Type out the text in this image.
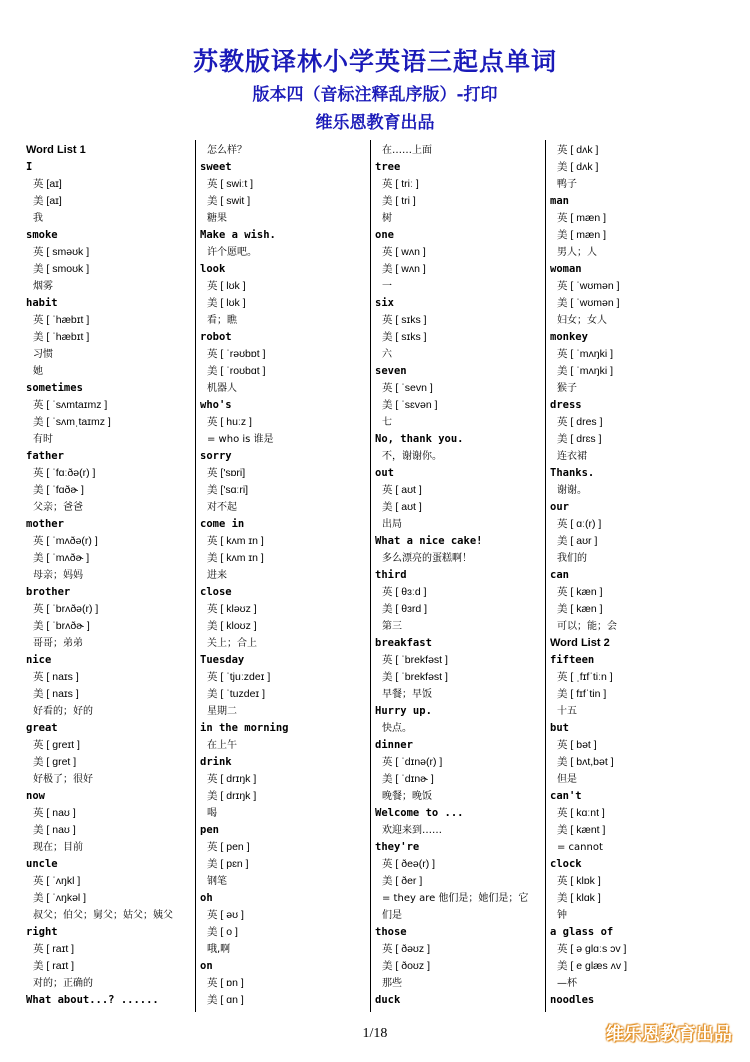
苏教版译林小学英语三起点单词
版本四（音标注释乱序版）-打印
维乐恩教育出品
Word List 1
I
英 [aɪ]
美 [aɪ]
我
smoke
英 [ sməʊk ]
美 [ smoʊk ]
烟雾
habit
英 [ ˈhæbɪt ]
美 [ ˈhæbɪt ]
习惯
她
sometimes
英 [ ˈsʌmtaɪmz ]
美 [ ˈsʌmˌtaɪmz ]
有时
father
英 [ ˈfɑːðə(r) ]
美 [ ˈfɑðɚ ]
父亲；爸爸
mother
英 [ ˈmʌðə(r) ]
美 [ ˈmʌðɚ ]
母亲；妈妈
brother
英 [ ˈbrʌðə(r) ]
美 [ ˈbrʌðɚ ]
哥哥；弟弟
nice
英 [ naɪs ]
美 [ naɪs ]
好看的；好的
great
英 [ greɪt ]
美 [ gret ]
好极了；很好
now
英 [ naʊ ]
美 [ naʊ ]
现在；目前
uncle
英 [ ˈʌŋkl ]
美 [ ˈʌŋkəl ]
叔父；伯父；舅父；姑父；姨父
right
英 [ raɪt ]
美 [ raɪt ]
对的；正确的
What about...? ......
怎么样？
sweet
英 [ swiːt ]
美 [ swit ]
糖果
Make a wish.
许个愿吧。
look
英 [ lʊk ]
美 [ lʊk ]
看；瞧
robot
英 [ ˈrəʊbɒt ]
美 [ ˈroʊbɑt ]
机器人
who's
英 [ huːz ]
= who is 谁是
sorry
英 ['sɒri]
美 ['sɑːri]
对不起
come in
英 [ kʌm ɪn ]
美 [ kʌm ɪn ]
进来
close
英 [ kləʊz ]
美 [ kloʊz ]
关上；合上
Tuesday
英 [ ˈtjuːzdeɪ ]
美 [ ˈtuzdeɪ ]
星期二
in the morning
在上午
drink
英 [ drɪŋk ]
美 [ drɪŋk ]
喝
pen
英 [ pen ]
美 [ pɛn ]
钢笔
oh
英 [ əʊ ]
美 [ o ]
哦,啊
on
英 [ ɒn ]
美 [ ɑn ]
在……上面
tree
英 [ triː ]
美 [ tri ]
树
one
英 [ wʌn ]
美 [ wʌn ]
一
six
英 [ sɪks ]
美 [ sɪks ]
六
seven
英 [ ˈsevn ]
美 [ ˈsɛvən ]
七
No, thank you.
不，谢谢你。
out
英 [ aʊt ]
美 [ aʊt ]
出局
What a nice cake!
多么漂亮的蛋糕啊！
third
英 [ θɜːd ]
美 [ θɜrd ]
第三
breakfast
英 [ ˈbrekfəst ]
美 [ ˈbrekfəst ]
早餐；早饭
Hurry up.
快点。
dinner
英 [ ˈdɪnə(r) ]
美 [ ˈdɪnɚ ]
晚餐；晚饭
Welcome to ...
欢迎来到……
they're
英 [ ðeə(r) ]
美 [ ðer ]
= they are 他们是；她们是；它
们是
those
英 [ ðəʊz ]
美 [ ðoʊz ]
那些
duck
英 [ dʌk ]
美 [ dʌk ]
鸭子
man
英 [ mæn ]
美 [ mæn ]
男人；人
woman
英 [ ˈwʊmən ]
美 [ ˈwʊmən ]
妇女；女人
monkey
英 [ ˈmʌŋki ]
美 [ ˈmʌŋki ]
猴子
dress
英 [ dres ]
美 [ drɛs ]
连衣裙
Thanks.
谢谢。
our
英 [ ɑː(r) ]
美 [ aʊr ]
我们的
can
英 [ kæn ]
美 [ kæn ]
可以；能；会
Word List 2
fifteen
英 [ ˌfɪfˈtiːn ]
美 [ fɪfˈtin ]
十五
but
英 [ bət ]
美 [ bʌt,bət ]
但是
can't
英 [ kɑːnt ]
美 [ kænt ]
= cannot
clock
英 [ klɒk ]
美 [ klɑk ]
钟
a glass of
英 [ ə glɑːs ɔv ]
美 [ e glæs ʌv ]
—杯
noodles
1/18	维乐恩教育出品
